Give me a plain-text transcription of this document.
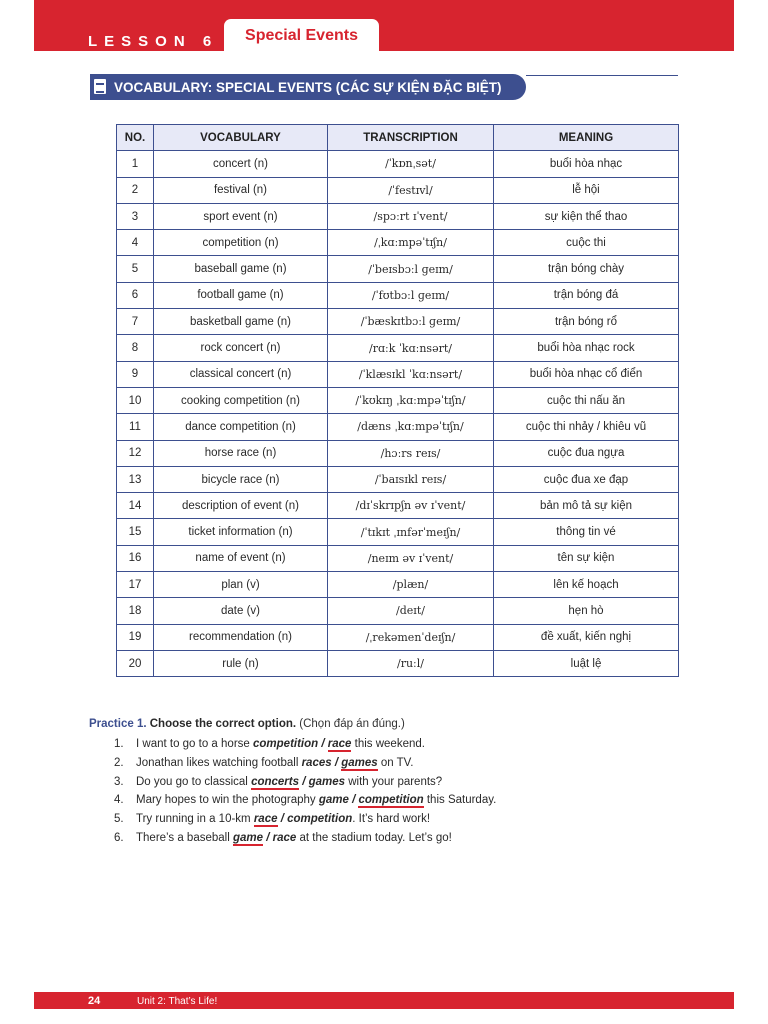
LESSON 6	Special Events
VOCABULARY: SPECIAL EVENTS (CÁC SỰ KIỆN ĐẶC BIỆT)
NO.	VOCABULARY	TRANSCRIPTION	MEANING
1	concert (n)	/ˈkɒnˌsət/	buổi hòa nhạc
2	festival (n)	/ˈfestɪvl/	lễ hội
3	sport event (n)	/spɔːrt ɪˈvent/	sự kiện thể thao
4	competition (n)	/ˌkɑːmpəˈtɪʃn/	cuộc thi
5	baseball game (n)	/ˈbeɪsbɔːl ɡeɪm/	trận bóng chày
6	football game (n)	/ˈfʊtbɔːl ɡeɪm/	trận bóng đá
7	basketball game (n)	/ˈbæskɪtbɔːl ɡeɪm/	trận bóng rổ
8	rock concert (n)	/rɑːk ˈkɑːnsərt/	buổi hòa nhạc rock
9	classical concert (n)	/ˈklæsɪkl ˈkɑːnsərt/	buổi hòa nhạc cổ điển
10	cooking competition (n)	/ˈkʊkɪŋ ˌkɑːmpəˈtɪʃn/	cuộc thi nấu ăn
11	dance competition (n)	/dæns ˌkɑːmpəˈtɪʃn/	cuộc thi nhảy / khiêu vũ
12	horse race (n)	/hɔːrs reɪs/	cuộc đua ngựa
13	bicycle race (n)	/ˈbaɪsɪkl reɪs/	cuộc đua xe đạp
14	description of event (n)	/dɪˈskrɪpʃn əv ɪˈvent/	bản mô tả sự kiện
15	ticket information (n)	/ˈtɪkɪt ˌɪnfərˈmeɪʃn/	thông tin vé
16	name of event (n)	/neɪm əv ɪˈvent/	tên sự kiện
17	plan (v)	/plæn/	lên kế hoạch
18	date (v)	/deɪt/	hẹn hò
19	recommendation (n)	/ˌrekəmenˈdeɪʃn/	đề xuất, kiến nghị
20	rule (n)	/ruːl/	luật lệ
Practice 1. Choose the correct option. (Chọn đáp án đúng.)
1. I want to go to a horse competition / race this weekend.
2. Jonathan likes watching football races / games on TV.
3. Do you go to classical concerts / games with your parents?
4. Mary hopes to win the photography game / competition this Saturday.
5. Try running in a 10-km race / competition. It’s hard work!
6. There’s a baseball game / race at the stadium today. Let’s go!
24	Unit 2: That’s Life!
